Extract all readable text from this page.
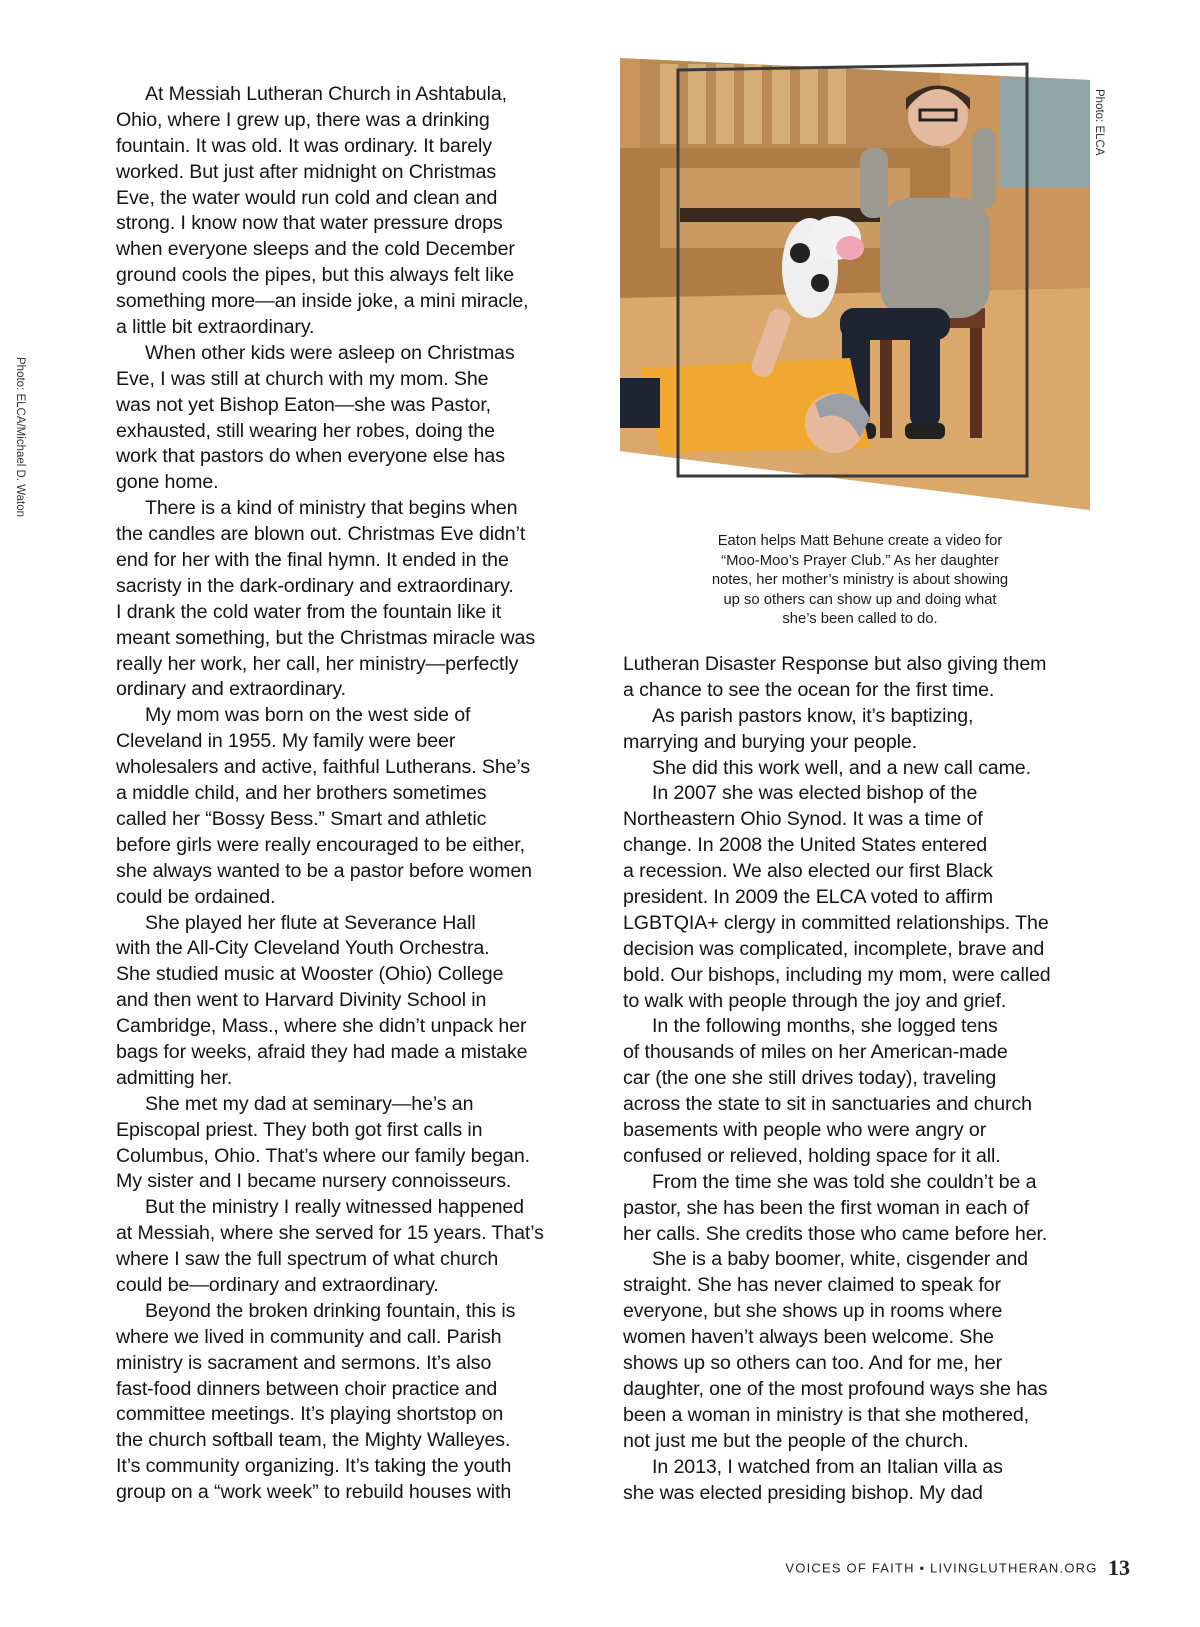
Photo: ELCA/Michael D. Waton
Photo: ELCA
At Messiah Lutheran Church in Ashtabula,
Ohio, where I grew up, there was a drinking
fountain. It was old. It was ordinary. It barely
worked. But just after midnight on Christmas
Eve, the water would run cold and clean and
strong. I know now that water pressure drops
when everyone sleeps and the cold December
ground cools the pipes, but this always felt like
something more—an inside joke, a mini miracle,
a little bit extraordinary.
When other kids were asleep on Christmas
Eve, I was still at church with my mom. She
was not yet Bishop Eaton—she was Pastor,
exhausted, still wearing her robes, doing the
work that pastors do when everyone else has
gone home.
There is a kind of ministry that begins when
the candles are blown out. Christmas Eve didn’t
end for her with the final hymn. It ended in the
sacristy in the dark-ordinary and extraordinary.
I drank the cold water from the fountain like it
meant something, but the Christmas miracle was
really her work, her call, her ministry—perfectly
ordinary and extraordinary.
My mom was born on the west side of
Cleveland in 1955. My family were beer
wholesalers and active, faithful Lutherans. She’s
a middle child, and her brothers sometimes
called her “Bossy Bess.” Smart and athletic
before girls were really encouraged to be either,
she always wanted to be a pastor before women
could be ordained.
She played her flute at Severance Hall
with the All-City Cleveland Youth Orchestra.
She studied music at Wooster (Ohio) College
and then went to Harvard Divinity School in
Cambridge, Mass., where she didn’t unpack her
bags for weeks, afraid they had made a mistake
admitting her.
She met my dad at seminary—he’s an
Episcopal priest. They both got first calls in
Columbus, Ohio. That’s where our family began.
My sister and I became nursery connoisseurs.
But the ministry I really witnessed happened
at Messiah, where she served for 15 years. That’s
where I saw the full spectrum of what church
could be—ordinary and extraordinary.
Beyond the broken drinking fountain, this is
where we lived in community and call. Parish
ministry is sacrament and sermons. It’s also
fast-food dinners between choir practice and
committee meetings. It’s playing shortstop on
the church softball team, the Mighty Walleyes.
It’s community organizing. It’s taking the youth
group on a “work week” to rebuild houses with
Eaton helps Matt Behune create a video for
“Moo-Moo’s Prayer Club.” As her daughter
notes, her mother’s ministry is about showing
up so others can show up and doing what
she’s been called to do.
Lutheran Disaster Response but also giving them
a chance to see the ocean for the first time.
As parish pastors know, it’s baptizing,
marrying and burying your people.
She did this work well, and a new call came.
In 2007 she was elected bishop of the
Northeastern Ohio Synod. It was a time of
change. In 2008 the United States entered
a recession. We also elected our first Black
president. In 2009 the ELCA voted to affirm
LGBTQIA+ clergy in committed relationships. The
decision was complicated, incomplete, brave and
bold. Our bishops, including my mom, were called
to walk with people through the joy and grief.
In the following months, she logged tens
of thousands of miles on her American-made
car (the one she still drives today), traveling
across the state to sit in sanctuaries and church
basements with people who were angry or
confused or relieved, holding space for it all.
From the time she was told she couldn’t be a
pastor, she has been the first woman in each of
her calls. She credits those who came before her.
She is a baby boomer, white, cisgender and
straight. She has never claimed to speak for
everyone, but she shows up in rooms where
women haven’t always been welcome. She
shows up so others can too. And for me, her
daughter, one of the most profound ways she has
been a woman in ministry is that she mothered,
not just me but the people of the church.
In 2013, I watched from an Italian villa as
she was elected presiding bishop. My dad
VOICES OF FAITH • LIVINGLUTHERAN.ORG 13
